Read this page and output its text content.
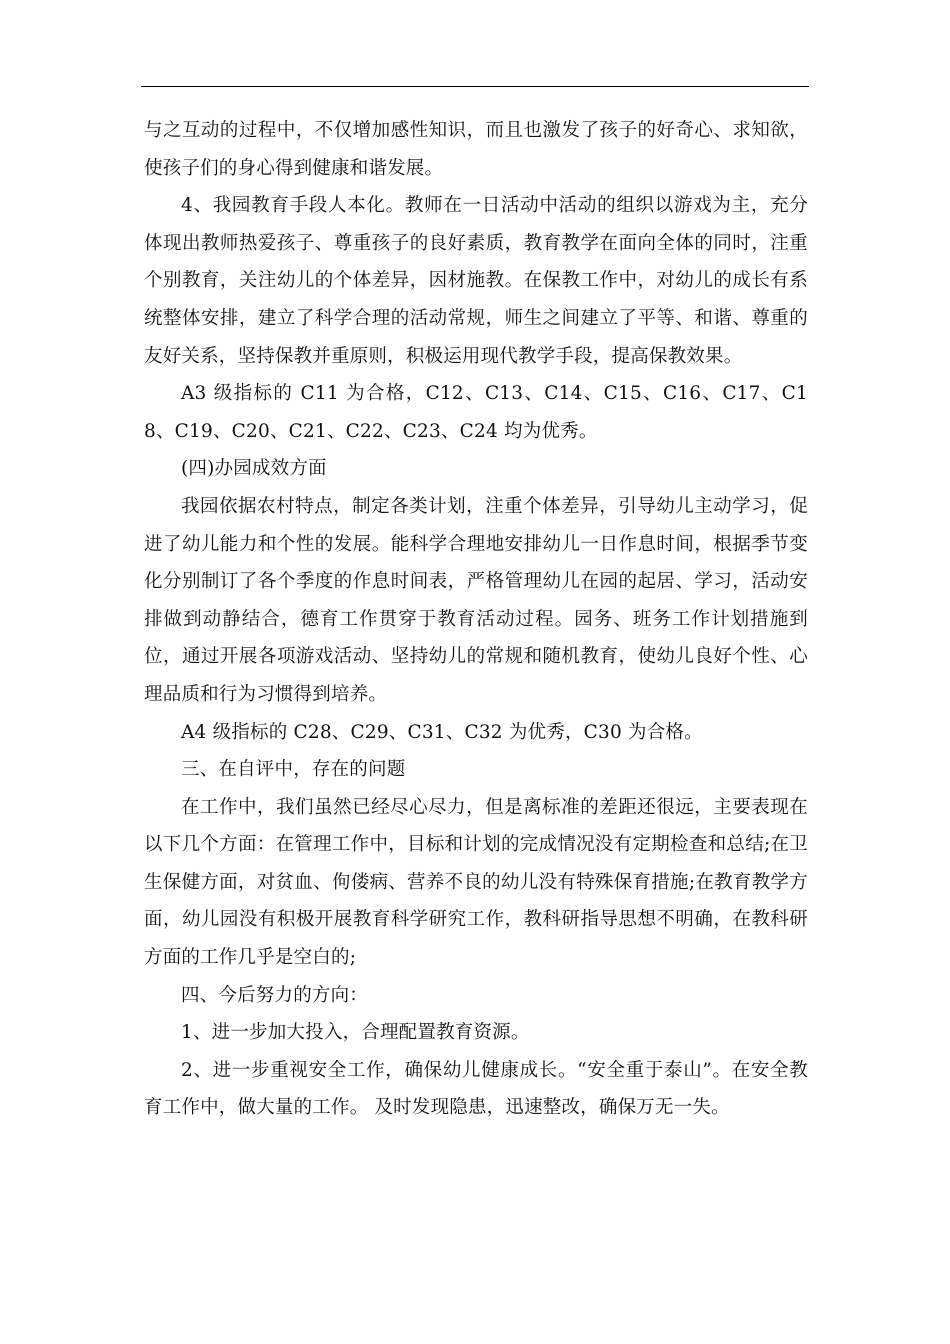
与之互动的过程中，不仅增加感性知识，而且也激发了孩子的好奇心、求知欲，使孩子们的身心得到健康和谐发展。

4、我园教育手段人本化。教师在一日活动中活动的组织以游戏为主，充分体现出教师热爱孩子、尊重孩子的良好素质，教育教学在面向全体的同时，注重个别教育，关注幼儿的个体差异，因材施教。在保教工作中，对幼儿的成长有系统整体安排，建立了科学合理的活动常规，师生之间建立了平等、和谐、尊重的友好关系，坚持保教并重原则，积极运用现代教学手段，提高保教效果。

A3 级指标的 C11 为合格，C12、C13、C14、C15、C16、C17、C18、C19、C20、C21、C22、C23、C24 均为优秀。

(四)办园成效方面

我园依据农村特点，制定各类计划，注重个体差异，引导幼儿主动学习，促进了幼儿能力和个性的发展。能科学合理地安排幼儿一日作息时间，根据季节变化分别制订了各个季度的作息时间表，严格管理幼儿在园的起居、学习，活动安排做到动静结合，德育工作贯穿于教育活动过程。园务、班务工作计划措施到位，通过开展各项游戏活动、坚持幼儿的常规和随机教育，使幼儿良好个性、心理品质和行为习惯得到培养。

A4 级指标的 C28、C29、C31、C32 为优秀，C30 为合格。

三、在自评中，存在的问题

在工作中，我们虽然已经尽心尽力，但是离标准的差距还很远，主要表现在以下几个方面：在管理工作中，目标和计划的完成情况没有定期检查和总结;在卫生保健方面，对贫血、佝偻病、营养不良的幼儿没有特殊保育措施;在教育教学方面，幼儿园没有积极开展教育科学研究工作，教科研指导思想不明确，在教科研方面的工作几乎是空白的;

四、今后努力的方向：

1、进一步加大投入，合理配置教育资源。

2、进一步重视安全工作，确保幼儿健康成长。“安全重于泰山”。在安全教育工作中，做大量的工作。 及时发现隐患，迅速整改，确保万无一失。
